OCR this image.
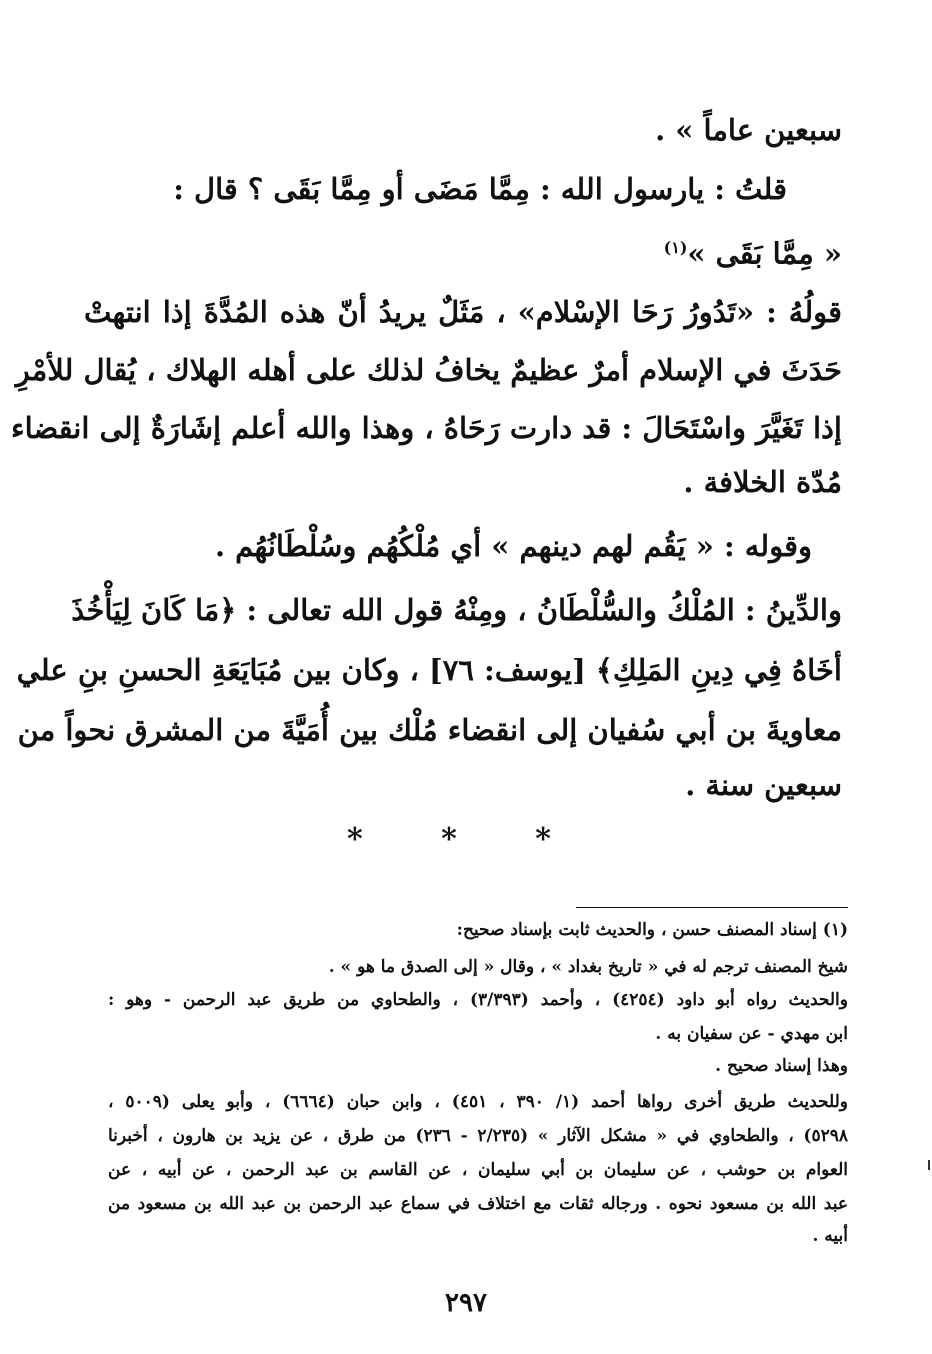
سبعين عاماً » .
قلتُ : يارسول الله : مِمَّا مَضَى أو مِمَّا بَقَى ؟ قال :
« مِمَّا بَقَى »$^{(١)}$
قولُهُ : «تَدُورُ رَحَا الإسْلام» ، مَثَلٌ يريدُ أنّ هذه المُدَّةَ إذا انتهتْ
حَدَثَ في الإسلام أمرٌ عظيمٌ يخافُ لذلك على أهله الهلاك ، يُقال للأمْرِ
إذا تَغَيَّرَ واسْتَحَالَ : قد دارت رَحَاهُ ، وهذا والله أعلم إشَارَةٌ إلى انقضاء
مُدّة الخلافة .
وقوله : « يَقُم لهم دينهم » أي مُلْكُهُم وسُلْطَانُهُم .
والدِّينُ : المُلْكُ والسُّلْطَانُ ، ومِنْهُ قول الله تعالى : ﴿مَا كَانَ لِيَأْخُذَ
أخَاهُ فِي دِينِ المَلِكِ﴾ [يوسف: ٧٦] ، وكان بين مُبَايَعَةِ الحسنِ بنِ علي
معاويةَ بن أبي سُفيان إلى انقضاء مُلْك بين أُمَيَّةَ من المشرق نحواً من
سبعين سنة .
* * *
(١) إسناد المصنف حسن ، والحديث ثابت بإسناد صحيح:
شيخ المصنف ترجم له في « تاريخ بغداد » ، وقال « إلى الصدق ما هو » .
والحديث رواه أبو داود (٤٢٥٤) ، وأحمد (٣/٣٩٣) ، والطحاوي من طريق عبد الرحمن - وهو :
ابن مهدي - عن سفيان به .
وهذا إسناد صحيح .
وللحديث طريق أخرى رواها أحمد (١/ ٣٩٠ ، ٤٥١) ، وابن حبان (٦٦٦٤) ، وأبو يعلى (٥٠٠٩ ،
٥٢٩٨) ، والطحاوي في « مشكل الآثار » (٢/٢٣٥ - ٢٣٦) من طرق ، عن يزيد بن هارون ، أخبرنا
العوام بن حوشب ، عن سليمان بن أبي سليمان ، عن القاسم بن عبد الرحمن ، عن أبيه ، عن
عبد الله بن مسعود نحوه . ورجاله ثقات مع اختلاف في سماع عبد الرحمن بن عبد الله بن مسعود من
أبيه .
٢٩٧
